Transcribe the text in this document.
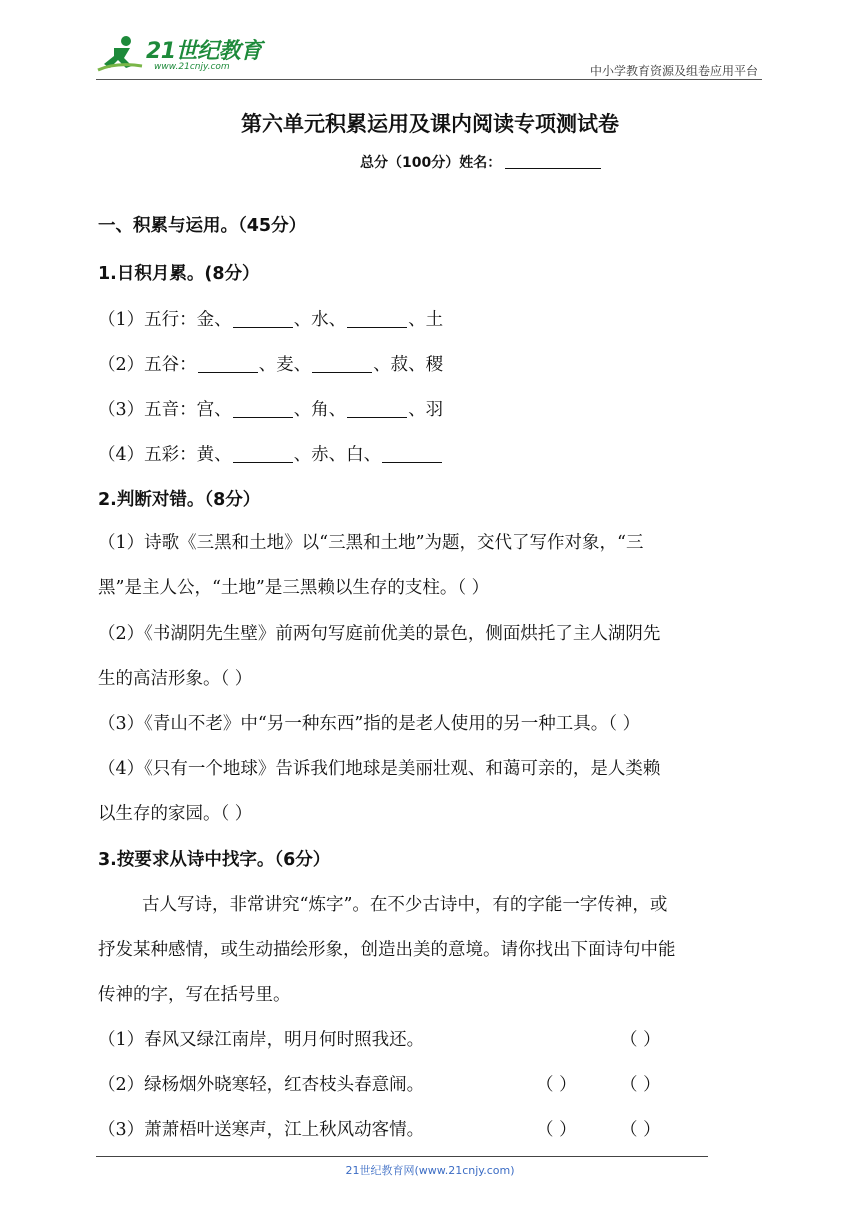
21世纪教育
www.21cnjy.com	中小学教育资源及组卷应用平台
第六单元积累运用及课内阅读专项测试卷
总分（100分）姓名：
一、积累与运用。（45分）
1.日积月累。(8分）
（1）五行：金、	、水、	、土
（2）五谷：	、麦、	、菽、稷
（3）五音：宫、	、角、	、羽
（4）五彩：黄、	、赤、白、
2.判断对错。（8分）
（1）诗歌《三黑和土地》以“三黑和土地”为题，交代了写作对象，“三
黑”是主人公，“土地”是三黑赖以生存的支柱。（ ）
（2）《书湖阴先生壁》前两句写庭前优美的景色，侧面烘托了主人湖阴先
生的高洁形象。（ ）
（3）《青山不老》中“另一种东西”指的是老人使用的另一种工具。（ ）
（4）《只有一个地球》告诉我们地球是美丽壮观、和蔼可亲的，是人类赖
以生存的家园。（ ）
3.按要求从诗中找字。（6分）
古人写诗，非常讲究“炼字”。在不少古诗中，有的字能一字传神，或
抒发某种感情，或生动描绘形象，创造出美的意境。请你找出下面诗句中能
传神的字，写在括号里。
（1）春风又绿江南岸，明月何时照我还。	（ ）
（2）绿杨烟外晓寒轻，红杏枝头春意闹。	（ ） （ ）
（3）萧萧梧叶送寒声，江上秋风动客情。	（ ） （ ）
21世纪教育网(www.21cnjy.com)
